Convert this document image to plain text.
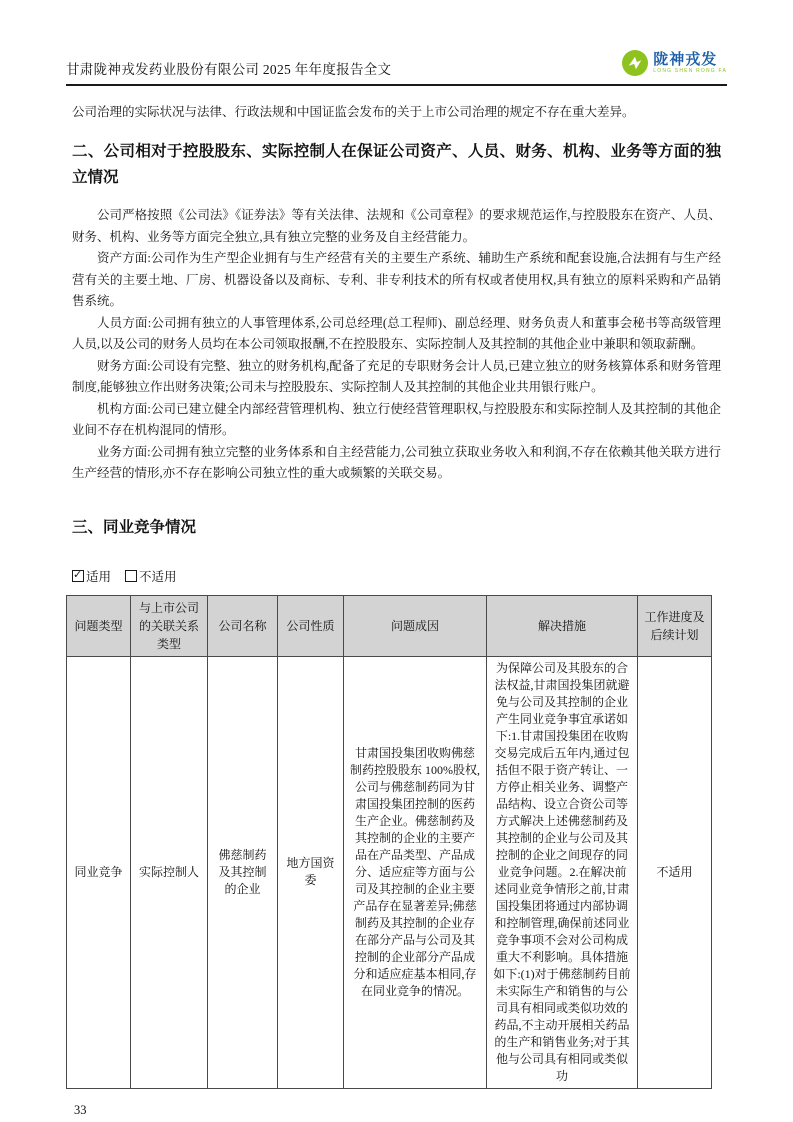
甘肃陇神戎发药业股份有限公司 2025 年年度报告全文
陇神戎发
LONG SHEN RONG FA

公司治理的实际状况与法律、行政法规和中国证监会发布的关于上市公司治理的规定不存在重大差异。

二、公司相对于控股股东、实际控制人在保证公司资产、人员、财务、机构、业务等方面的独立情况

公司严格按照《公司法》《证券法》等有关法律、法规和《公司章程》的要求规范运作,与控股股东在资产、人员、财务、机构、业务等方面完全独立,具有独立完整的业务及自主经营能力。

资产方面:公司作为生产型企业拥有与生产经营有关的主要生产系统、辅助生产系统和配套设施,合法拥有与生产经营有关的主要土地、厂房、机器设备以及商标、专利、非专利技术的所有权或者使用权,具有独立的原料采购和产品销售系统。

人员方面:公司拥有独立的人事管理体系,公司总经理(总工程师)、副总经理、财务负责人和董事会秘书等高级管理人员,以及公司的财务人员均在本公司领取报酬,不在控股股东、实际控制人及其控制的其他企业中兼职和领取薪酬。

财务方面:公司设有完整、独立的财务机构,配备了充足的专职财务会计人员,已建立独立的财务核算体系和财务管理制度,能够独立作出财务决策;公司未与控股股东、实际控制人及其控制的其他企业共用银行账户。

机构方面:公司已建立健全内部经营管理机构、独立行使经营管理职权,与控股股东和实际控制人及其控制的其他企业间不存在机构混同的情形。

业务方面:公司拥有独立完整的业务体系和自主经营能力,公司独立获取业务收入和利润,不存在依赖其他关联方进行生产经营的情形,亦不存在影响公司独立性的重大或频繁的关联交易。

三、同业竞争情况
✓
适用 不适用
问题类型	与上市公司的关联关系类型	公司名称	公司性质	问题成因	解决措施	工作进度及后续计划
同业竞争	实际控制人	佛慈制药及其控制的企业	地方国资委	甘肃国投集团收购佛慈制药控股股东 100%股权,公司与佛慈制药同为甘肃国投集团控制的医药生产企业。佛慈制药及其控制的企业的主要产品在产品类型、产品成分、适应症等方面与公司及其控制的企业主要产品存在显著差异;佛慈制药及其控制的企业存在部分产品与公司及其控制的企业部分产品成分和适应症基本相同,存在同业竞争的情况。	为保障公司及其股东的合法权益,甘肃国投集团就避免与公司及其控制的企业产生同业竞争事宜承诺如下:1.甘肃国投集团在收购交易完成后五年内,通过包括但不限于资产转让、一方停止相关业务、调整产品结构、设立合资公司等方式解决上述佛慈制药及其控制的企业与公司及其控制的企业之间现存的同业竞争问题。2.在解决前述同业竞争情形之前,甘肃国投集团将通过内部协调和控制管理,确保前述同业竞争事项不会对公司构成重大不利影响。具体措施如下:(1)对于佛慈制药目前未实际生产和销售的与公司具有相同或类似功效的药品,不主动开展相关药品的生产和销售业务;对于其他与公司具有相同或类似功	不适用
33
